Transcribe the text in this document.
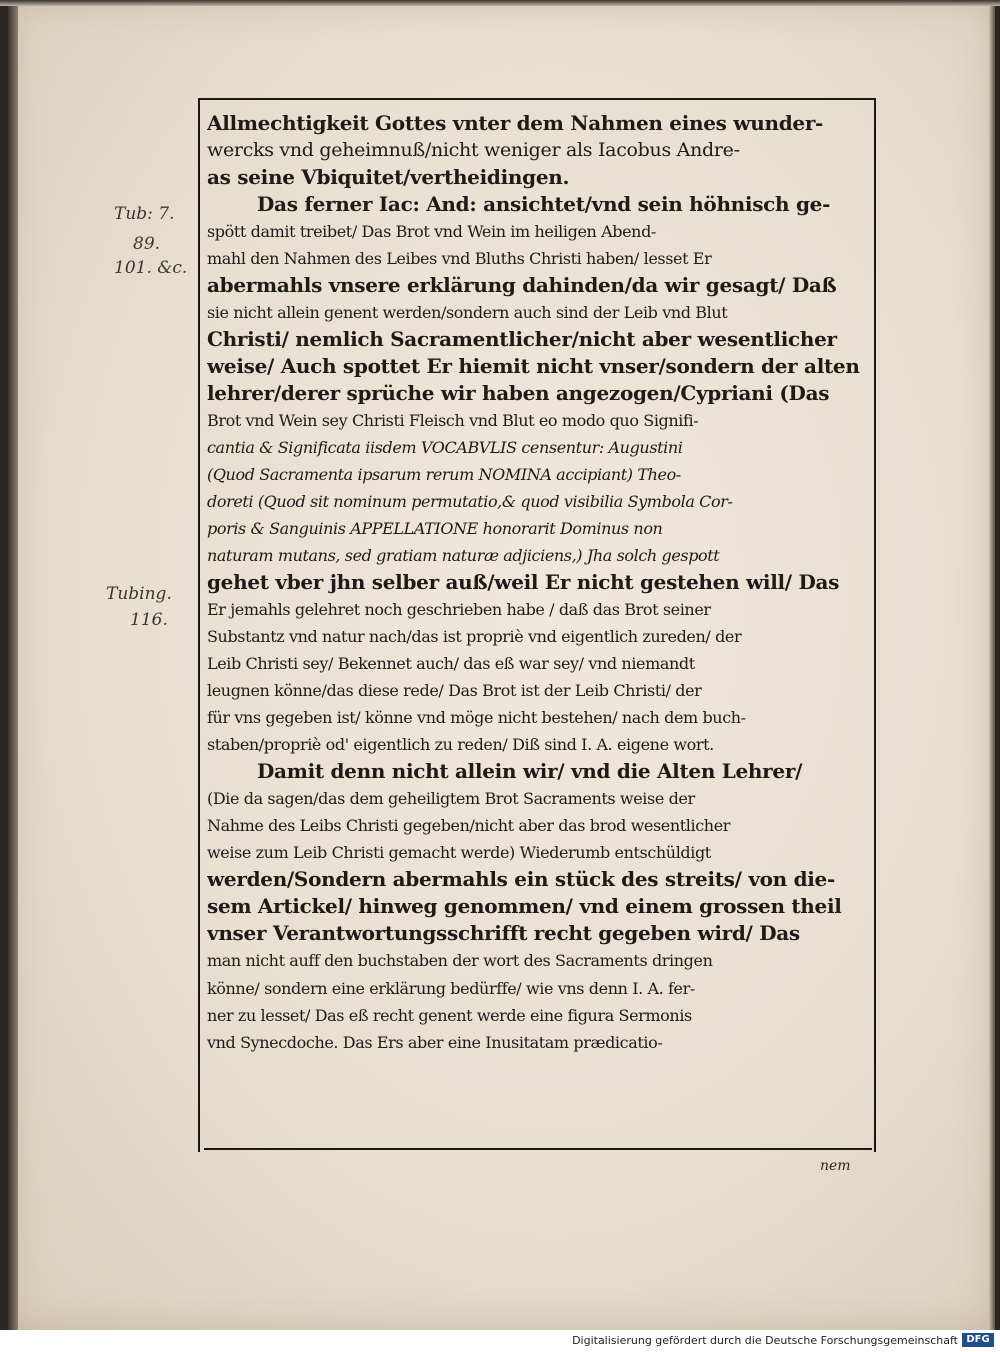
Tub: 7.
89.
101. &c.
Tubing.
116.
Allmechtigkeit Gottes vnter dem Nahmen eines wunder-
wercks vnd geheimnuß/nicht weniger als Iacobus Andre-
as seine Vbiquitet/vertheidingen.
Das ferner Iac: And: ansichtet/vnd sein höhnisch ge-
spött damit treibet/ Das Brot vnd Wein im heiligen Abend-
mahl den Nahmen des Leibes vnd Bluths Christi haben/ lesset Er
abermahls vnsere erklärung dahinden/da wir gesagt/ Daß
sie nicht allein genent werden/sondern auch sind der Leib vnd Blut
Christi/ nemlich Sacramentlicher/nicht aber wesentlicher
weise/ Auch spottet Er hiemit nicht vnser/sondern der alten
lehrer/derer sprüche wir haben angezogen/Cypriani (Das
Brot vnd Wein sey Christi Fleisch vnd Blut eo modo quo Signifi-
cantia & Significata iisdem VOCABVLIS censentur: Augustini
(Quod Sacramenta ipsarum rerum NOMINA accipiant) Theo-
doreti (Quod sit nominum permutatio,& quod visibilia Symbola Cor-
poris & Sanguinis APPELLATIONE honorarit Dominus non
naturam mutans, sed gratiam naturæ adjiciens,) Jha solch gespott
gehet vber jhn selber auß/weil Er nicht gestehen will/ Das
Er jemahls gelehret noch geschrieben habe / daß das Brot seiner
Substantz vnd natur nach/das ist propriè vnd eigentlich zureden/ der
Leib Christi sey/ Bekennet auch/ das eß war sey/ vnd niemandt
leugnen könne/das diese rede/ Das Brot ist der Leib Christi/ der
für vns gegeben ist/ könne vnd möge nicht bestehen/ nach dem buch-
staben/propriè od' eigentlich zu reden/ Diß sind I. A. eigene wort.
Damit denn nicht allein wir/ vnd die Alten Lehrer/
(Die da sagen/das dem geheiligtem Brot Sacraments weise der
Nahme des Leibs Christi gegeben/nicht aber das brod wesentlicher
weise zum Leib Christi gemacht werde) Wiederumb entschüldigt
werden/Sondern abermahls ein stück des streits/ von die-
sem Artickel/ hinweg genommen/ vnd einem grossen theil
vnser Verantwortungsschrifft recht gegeben wird/ Das
man nicht auff den buchstaben der wort des Sacraments dringen
könne/ sondern eine erklärung bedürffe/ wie vns denn I. A. fer-
ner zu lesset/ Das eß recht genent werde eine figura Sermonis
vnd Synecdoche. Das Ers aber eine Inusitatam prædicatio-
nem
Digitalisierung gefördert durch die Deutsche Forschungsgemeinschaft DFG
